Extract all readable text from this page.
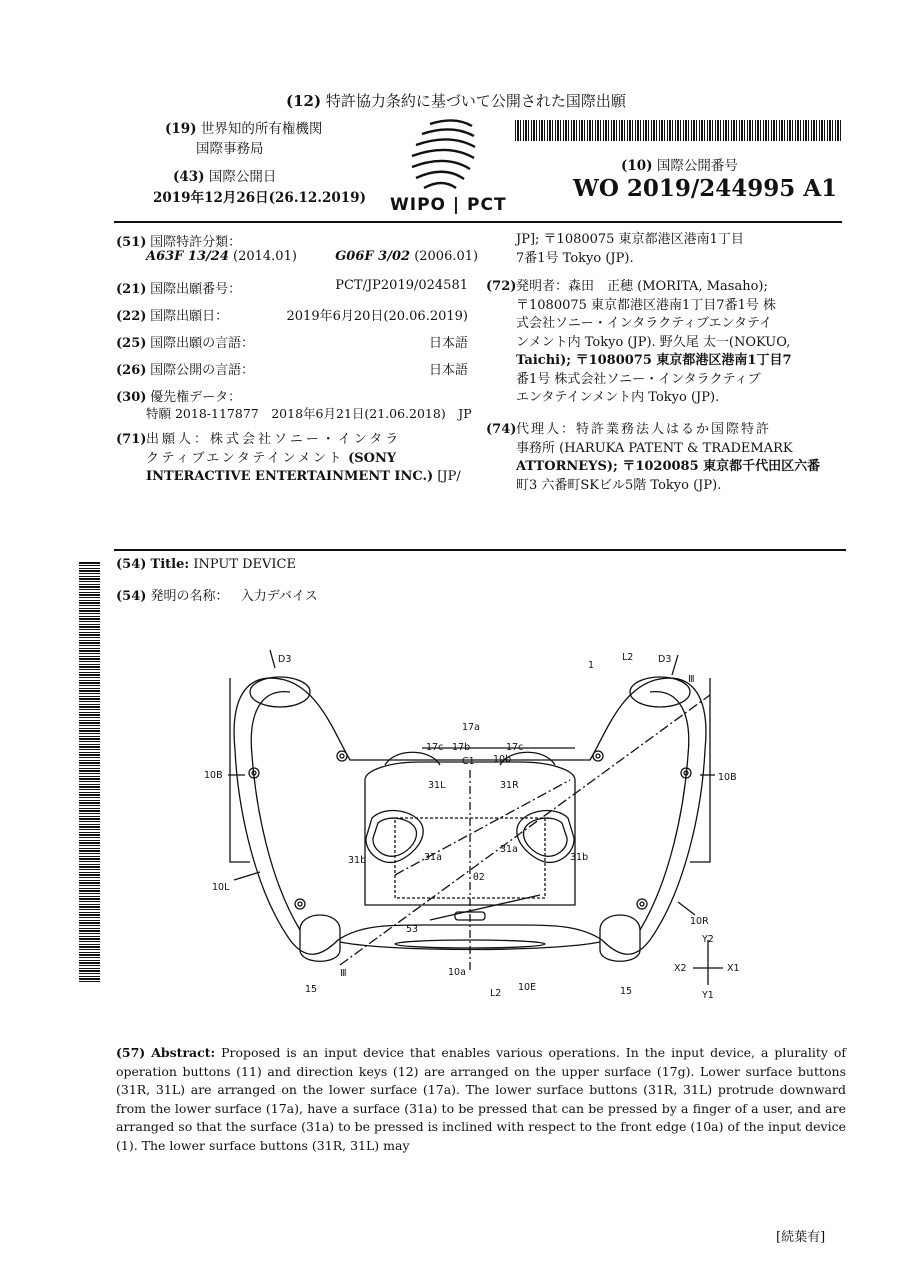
(12) 特許協力条約に基づいて公開された国際出願
(19) 世界知的所有権機関
国際事務局
(43) 国際公開日
2019年12月26日(26.12.2019) WIPO | PCT
(10) 国際公開番号
WO 2019/244995 A1
(51) 国際特許分類：
A63F 13/24 (2014.01)	G06F 3/02 (2006.01)
(21) 国際出願番号：	PCT/JP2019/024581
(22) 国際出願日：	2019年6月20日(20.06.2019)
(25) 国際出願の言語：	日本語
(26) 国際公開の言語：	日本語
(30) 優先権データ：
特願 2018-117877　2018年6月21日(21.06.2018)　JP
(71)出願人：株式会社ソニー・インタラ
クティブエンタテインメント (SONY
INTERACTIVE ENTERTAINMENT INC.) [JP/
JP]; 〒1080075 東京都港区港南1丁目
7番1号 Tokyo (JP).
(72)発明者：森田　正穂 (MORITA, Masaho);
〒1080075 東京都港区港南1丁目7番1号 株
式会社ソニー・インタラクティブエンタテイ
ンメント内 Tokyo (JP). 野久尾 太一(NOKUO,
Taichi); 〒1080075 東京都港区港南1丁目7
番1号 株式会社ソニー・インタラクティブ
エンタテインメント内 Tokyo (JP).
(74)代理人：特許業務法人はるか国際特許
事務所 (HARUKA PATENT & TRADEMARK
ATTORNEYS); 〒1020085 東京都千代田区六番
町3 六番町SKビル5階 Tokyo (JP).
(54) Title: INPUT DEVICE
(54) 発明の名称： 入力デバイス
D3	D3
1
L2
Ⅲ
17a
17c 17b	17c
C1 10b
31L	31R
10B	10B
31b	31a
31a
31b
θ2
10L
10R
53
10a
10E
L2
Ⅲ
15	15
Y2
X2	X1
Y1
(57) Abstract: Proposed is an input device that enables various operations. In the input device, a plurality of operation buttons (11) and direction keys (12) are arranged on the upper surface (17g). Lower surface buttons (31R, 31L) are arranged on the lower surface (17a). The lower surface buttons (31R, 31L) protrude downward from the lower surface (17a), have a surface (31a) to be pressed that can be pressed by a finger of a user, and are arranged so that the surface (31a) to be pressed is inclined with respect to the front edge (10a) of the input device (1). The lower surface buttons (31R, 31L) may
[続葉有]
